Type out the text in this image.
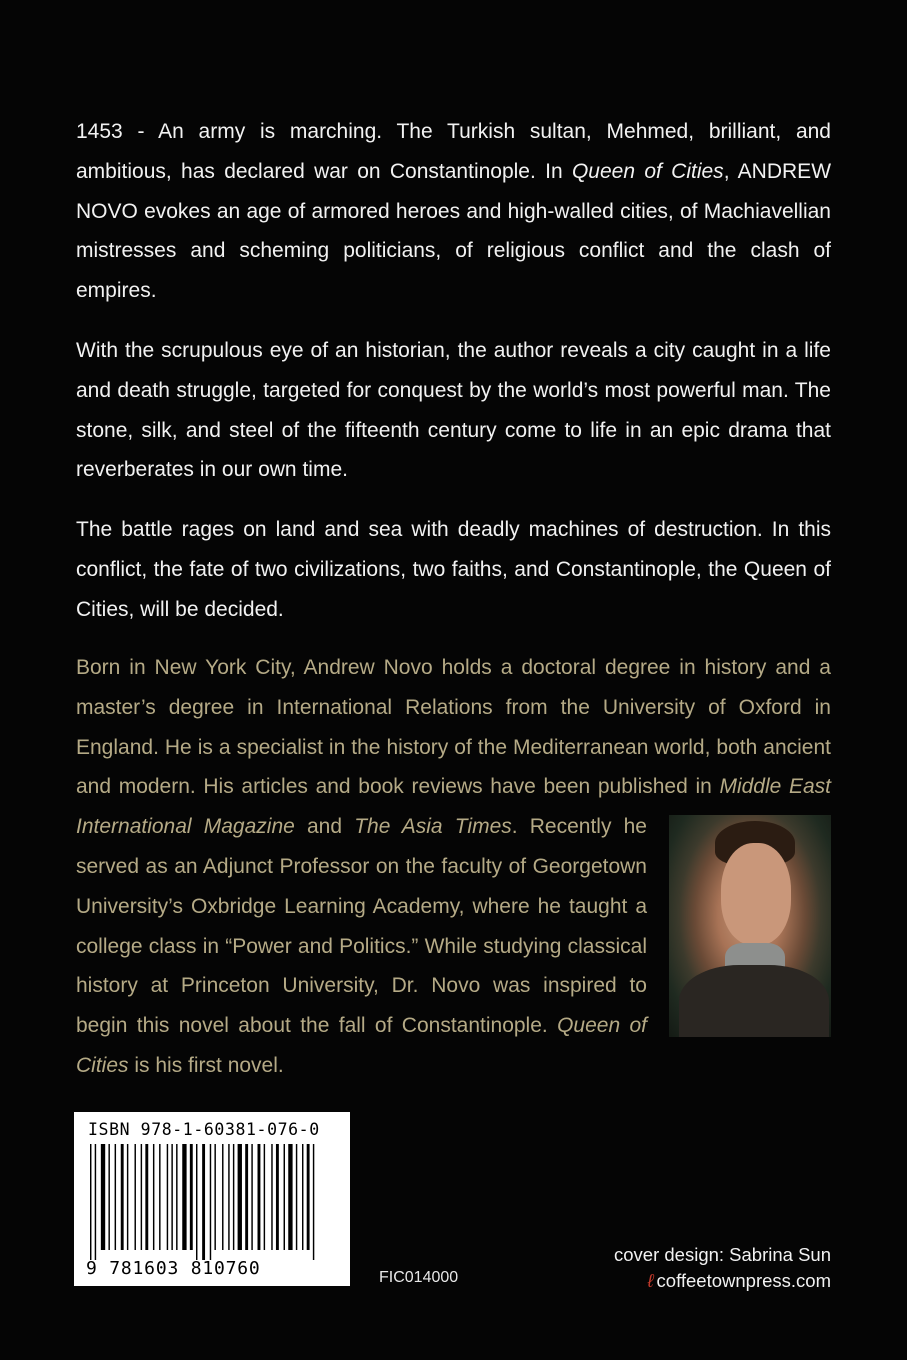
1453 - An army is marching. The Turkish sultan, Mehmed, brilliant, and ambitious, has declared war on Constantinople. In Queen of Cities, ANDREW NOVO evokes an age of armored heroes and high-walled cities, of Machiavellian mistresses and scheming politicians, of religious conflict and the clash of empires.

With the scrupulous eye of an historian, the author reveals a city caught in a life and death struggle, targeted for conquest by the world’s most powerful man. The stone, silk, and steel of the fifteenth century come to life in an epic drama that reverberates in our own time.

The battle rages on land and sea with deadly machines of destruction. In this conflict, the fate of two civilizations, two faiths, and Constantinople, the Queen of Cities, will be decided.

Born in New York City, Andrew Novo holds a doctoral degree in history and a master’s degree in International Relations from the University of Oxford in England. He is a specialist in the history of the Mediterranean world, both ancient and modern. His articles and book reviews have been published in Middle East International Magazine and The Asia Times
. Recently he served as an Adjunct Professor on the faculty of Georgetown University’s Oxbridge Learning Academy, where he taught a college class in “Power and Politics.” While studying classical history at Princeton University, Dr. Novo was inspired to begin this novel about the fall of Constantinople. Queen of Cities is his first novel.

ISBN 978-1-60381-076-0
9 781603 810760	FIC014000
cover design: Sabrina Sun
ℓ coffeetownpress.com
